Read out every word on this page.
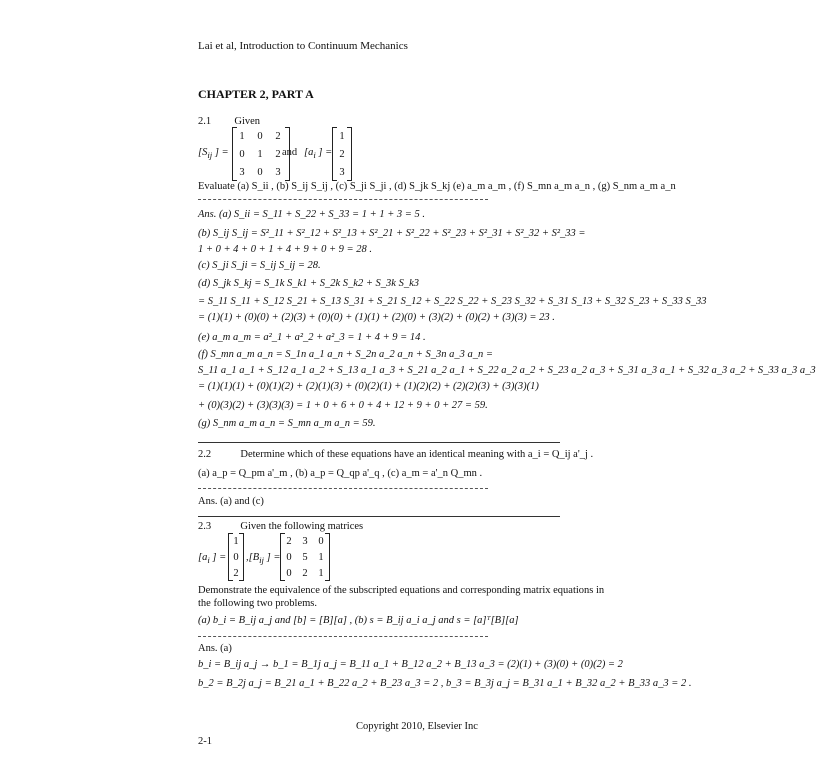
Lai et al, Introduction to Continuum Mechanics
CHAPTER 2, PART A
2.1 Given
[$S_{ij}$ ] =
1	0	2
0	1	2
3	0	3
and [$a_i$ ] =
1
2
3
Evaluate (a) S_ii , (b) S_ij S_ij , (c) S_ji S_ji , (d) S_jk S_kj (e) a_m a_m , (f) S_mn a_m a_n , (g) S_nm a_m a_n
Ans. (a) S_ii = S_11 + S_22 + S_33 = 1 + 1 + 3 = 5 .
(b) S_ij S_ij = S²_11 + S²_12 + S²_13 + S²_21 + S²_22 + S²_23 + S²_31 + S²_32 + S²_33 =
1 + 0 + 4 + 0 + 1 + 4 + 9 + 0 + 9 = 28 .
(c) S_ji S_ji = S_ij S_ij = 28.
(d) S_jk S_kj = S_1k S_k1 + S_2k S_k2 + S_3k S_k3
= S_11 S_11 + S_12 S_21 + S_13 S_31 + S_21 S_12 + S_22 S_22 + S_23 S_32 + S_31 S_13 + S_32 S_23 + S_33 S_33
= (1)(1) + (0)(0) + (2)(3) + (0)(0) + (1)(1) + (2)(0) + (3)(2) + (0)(2) + (3)(3) = 23 .
(e) a_m a_m = a²_1 + a²_2 + a²_3 = 1 + 4 + 9 = 14 .
(f) S_mn a_m a_n = S_1n a_1 a_n + S_2n a_2 a_n + S_3n a_3 a_n =
S_11 a_1 a_1 + S_12 a_1 a_2 + S_13 a_1 a_3 + S_21 a_2 a_1 + S_22 a_2 a_2 + S_23 a_2 a_3 + S_31 a_3 a_1 + S_32 a_3 a_2 + S_33 a_3 a_3
= (1)(1)(1) + (0)(1)(2) + (2)(1)(3) + (0)(2)(1) + (1)(2)(2) + (2)(2)(3) + (3)(3)(1)
+ (0)(3)(2) + (3)(3)(3) = 1 + 0 + 6 + 0 + 4 + 12 + 9 + 0 + 27 = 59.
(g) S_nm a_m a_n = S_mn a_m a_n = 59.
2.2	Determine which of these equations have an identical meaning with a_i = Q_ij a'_j .
(a) a_p = Q_pm a'_m , (b) a_p = Q_qp a'_q , (c) a_m = a'_n Q_mn .
Ans. (a) and (c)
2.3	Given the following matrices
[$a_i$ ] =
1
0
2
$,[B_{ij}$ ] =
2	3	0
0	5	1
0	2	1
Demonstrate the equivalence of the subscripted equations and corresponding matrix equations in
the following two problems.
(a) b_i = B_ij a_j and [b] = [B][a] , (b) s = B_ij a_i a_j and s = [a]ᵀ[B][a]
Ans. (a)
b_i = B_ij a_j → b_1 = B_1j a_j = B_11 a_1 + B_12 a_2 + B_13 a_3 = (2)(1) + (3)(0) + (0)(2) = 2
b_2 = B_2j a_j = B_21 a_1 + B_22 a_2 + B_23 a_3 = 2 , b_3 = B_3j a_j = B_31 a_1 + B_32 a_2 + B_33 a_3 = 2 .
Copyright 2010, Elsevier Inc
2-1
